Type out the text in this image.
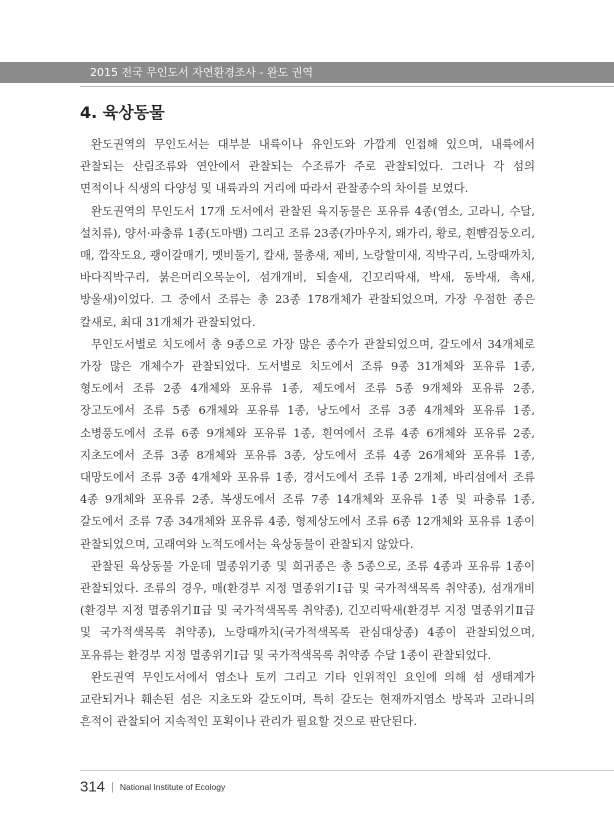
2015 전국 무인도서 자연환경조사 - 완도 권역
4. 육상동물

완도권역의 무인도서는 대부분 내륙이나 유인도와 가깝게 인접해 있으며, 내륙에서 관찰되는 산림조류와 연안에서 관찰되는 수조류가 주로 관찰되었다. 그러나 각 섬의 면적이나 식생의 다양성 및 내륙과의 거리에 따라서 관찰종수의 차이를 보였다.

완도권역의 무인도서 17개 도서에서 관찰된 육지동물은 포유류 4종(염소, 고라니, 수달, 설치류), 양서·파충류 1종(도마뱀) 그리고 조류 23종(가마우지, 왜가리, 황로, 흰뺨검둥오리, 매, 깝작도요, 괭이갈매기, 멧비둘기, 칼새, 물총새, 제비, 노랑할미새, 직박구리, 노랑때까치, 바다직박구리, 붉은머리오목눈이, 섬개개비, 되솔새, 긴꼬리딱새, 박새, 동박새, 촉새, 방울새)이었다. 그 중에서 조류는 총 23종 178개체가 관찰되었으며, 가장 우점한 종은 칼새로, 최대 31개체가 관찰되었다.

무인도서별로 치도에서 총 9종으로 가장 많은 종수가 관찰되었으며, 갈도에서 34개체로 가장 많은 개체수가 관찰되었다. 도서별로 치도에서 조류 9종 31개체와 포유류 1종, 형도에서 조류 2종 4개체와 포유류 1종, 제도에서 조류 5종 9개체와 포유류 2종, 장고도에서 조류 5종 6개체와 포유류 1종, 낭도에서 조류 3종 4개체와 포유류 1종, 소병풍도에서 조류 6종 9개체와 포유류 1종, 흰여에서 조류 4종 6개체와 포유류 2종, 지초도에서 조류 3종 8개체와 포유류 3종, 상도에서 조류 4종 26개체와 포유류 1종, 대망도에서 조류 3종 4개체와 포유류 1종, 경서도에서 조류 1종 2개체, 바리섬에서 조류 4종 9개체와 포유류 2종, 복생도에서 조류 7종 14개체와 포유류 1종 및 파충류 1종, 갈도에서 조류 7종 34개체와 포유류 4종, 형제상도에서 조류 6종 12개체와 포유류 1종이 관찰되었으며, 고래여와 노적도에서는 육상동물이 관찰되지 않았다.

관찰된 육상동물 가운데 멸종위기종 및 희귀종은 총 5종으로, 조류 4종과 포유류 1종이 관찰되었다. 조류의 경우, 매(환경부 지정 멸종위기Ⅰ급 및 국가적색목록 취약종), 섬개개비(환경부 지정 멸종위기Ⅱ급 및 국가적색목록 취약종), 긴꼬리딱새(환경부 지정 멸종위기Ⅱ급 및 국가적색목록 취약종), 노랑때까치(국가적색목록 관심대상종) 4종이 관찰되었으며, 포유류는 환경부 지정 멸종위기Ⅰ급 및 국가적색목록 취약종 수달 1종이 관찰되었다.

완도권역 무인도서에서 염소나 토끼 그리고 기타 인위적인 요인에 의해 섬 생태계가 교란되거나 훼손된 섬은 지초도와 갈도이며, 특히 갈도는 현재까지염소 방목과 고라니의 흔적이 관찰되어 지속적인 포획이나 관리가 필요할 것으로 판단된다.

314 | National Institute of Ecology
